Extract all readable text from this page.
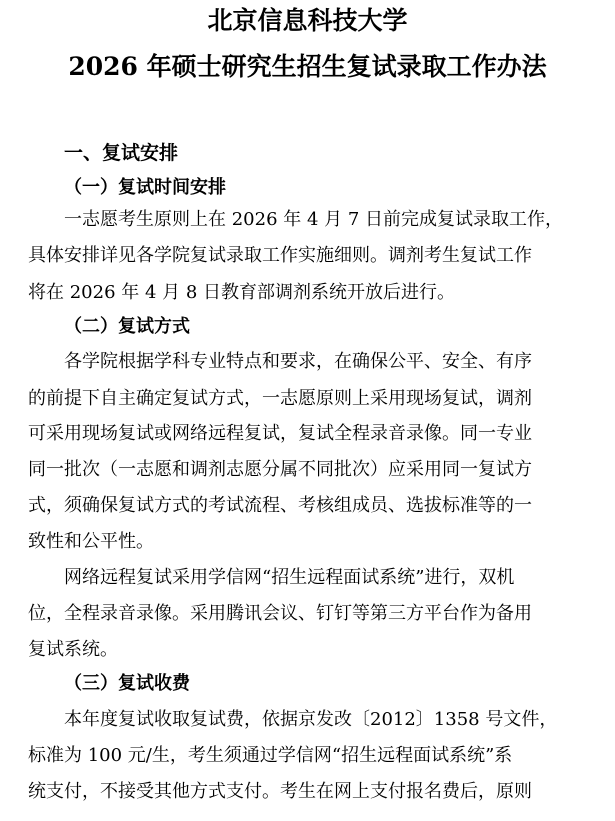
北京信息科技大学
2026 年硕士研究生招生复试录取工作办法
一、复试安排
（一）复试时间安排
一志愿考生原则上在 2026 年 4 月 7 日前完成复试录取工作，
具体安排详见各学院复试录取工作实施细则。调剂考生复试工作
将在 2026 年 4 月 8 日教育部调剂系统开放后进行。
（二）复试方式
各学院根据学科专业特点和要求，在确保公平、安全、有序
的前提下自主确定复试方式，一志愿原则上采用现场复试，调剂
可采用现场复试或网络远程复试，复试全程录音录像。同一专业
同一批次（一志愿和调剂志愿分属不同批次）应采用同一复试方
式，须确保复试方式的考试流程、考核组成员、选拔标准等的一
致性和公平性。
网络远程复试采用学信网“招生远程面试系统”进行，双机
位，全程录音录像。采用腾讯会议、钉钉等第三方平台作为备用
复试系统。
（三）复试收费
本年度复试收取复试费，依据京发改〔2012〕1358 号文件，
标准为 100 元/生，考生须通过学信网“招生远程面试系统”系
统支付，不接受其他方式支付。考生在网上支付报名费后，原则
